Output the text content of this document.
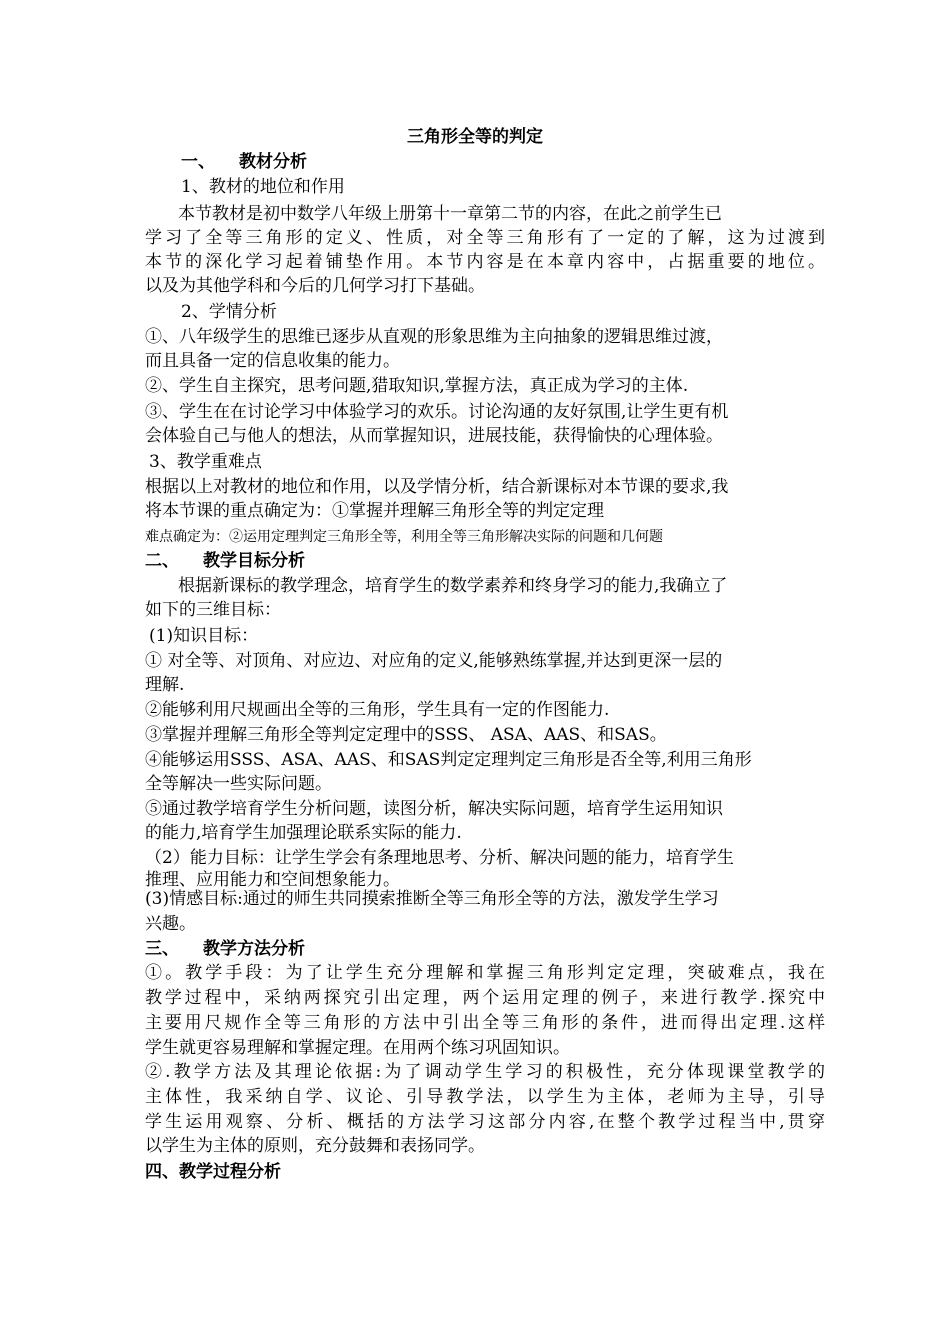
三角形全等的判定
一、 教材分析
1、教材的地位和作用
本节教材是初中数学八年级上册第十一章第二节的内容，在此之前学生已
学习了全等三角形的定义、性质，对全等三角形有了一定的了解，这为过渡到
本节的深化学习起着铺垫作用。本节内容是在本章内容中，占据重要的地位。
以及为其他学科和今后的几何学习打下基础。
2、学情分析
①、八年级学生的思维已逐步从直观的形象思维为主向抽象的逻辑思维过渡，
而且具备一定的信息收集的能力。
②、学生自主探究，思考问题,猎取知识,掌握方法，真正成为学习的主体.
③、学生在在讨论学习中体验学习的欢乐。讨论沟通的友好氛围,让学生更有机
会体验自己与他人的想法，从而掌握知识，进展技能，获得愉快的心理体验。
3、教学重难点
根据以上对教材的地位和作用，以及学情分析，结合新课标对本节课的要求,我
将本节课的重点确定为：①掌握并理解三角形全等的判定定理
难点确定为：②运用定理判定三角形全等，利用全等三角形解决实际的问题和几何题
二、 教学目标分析
根据新课标的教学理念，培育学生的数学素养和终身学习的能力,我确立了
如下的三维目标：
(1)知识目标：
① 对全等、对顶角、对应边、对应角的定义,能够熟练掌握,并达到更深一层的
理解.
②能够利用尺规画出全等的三角形，学生具有一定的作图能力.
③掌握并理解三角形全等判定定理中的SSS、 ASA、AAS、和SAS。
④能够运用SSS、ASA、AAS、和SAS判定定理判定三角形是否全等,利用三角形
全等解决一些实际问题。
⑤通过教学培育学生分析问题，读图分析，解决实际问题，培育学生运用知识
的能力,培育学生加强理论联系实际的能力.
（2）能力目标：让学生学会有条理地思考、分析、解决问题的能力，培育学生
推理、应用能力和空间想象能力。
(3)情感目标:通过的师生共同摸索推断全等三角形全等的方法，激发学生学习
兴趣。
三、 教学方法分析
①。教学手段：为了让学生充分理解和掌握三角形判定定理，突破难点，我在
教学过程中，采纳两探究引出定理，两个运用定理的例子，来进行教学.探究中
主要用尺规作全等三角形的方法中引出全等三角形的条件，进而得出定理.这样
学生就更容易理解和掌握定理。在用两个练习巩固知识。
②.教学方法及其理论依据:为了调动学生学习的积极性，充分体现课堂教学的
主体性，我采纳自学、议论、引导教学法，以学生为主体，老师为主导，引导
学生运用观察、分析、概括的方法学习这部分内容,在整个教学过程当中,贯穿
以学生为主体的原则，充分鼓舞和表扬同学。
四、教学过程分析
